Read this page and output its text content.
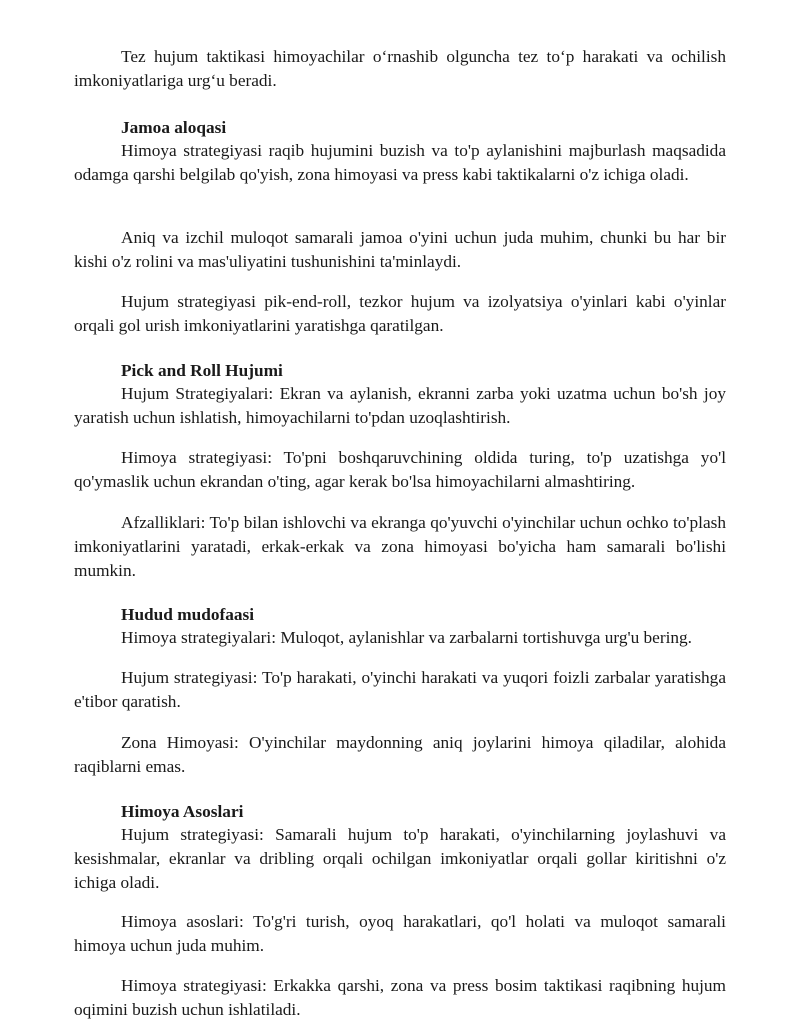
Tez hujum taktikasi himoyachilar o‘rnashib olguncha tez to‘p harakati va ochilish imkoniyatlariga urg‘u beradi.

Jamoa aloqasi

Himoya strategiyasi raqib hujumini buzish va to'p aylanishini majburlash maqsadida odamga qarshi belgilab qo'yish, zona himoyasi va press kabi taktikalarni o'z ichiga oladi.

Aniq va izchil muloqot samarali jamoa o'yini uchun juda muhim, chunki bu har bir kishi o'z rolini va mas'uliyatini tushunishini ta'minlaydi.

Hujum strategiyasi pik-end-roll, tezkor hujum va izolyatsiya o'yinlari kabi o'yinlar orqali gol urish imkoniyatlarini yaratishga qaratilgan.

Pick and Roll Hujumi

Hujum Strategiyalari: Ekran va aylanish, ekranni zarba yoki uzatma uchun bo'sh joy yaratish uchun ishlatish, himoyachilarni to'pdan uzoqlashtirish.

Himoya strategiyasi: To'pni boshqaruvchining oldida turing, to'p uzatishga yo'l qo'ymaslik uchun ekrandan o'ting, agar kerak bo'lsa himoyachilarni almashtiring.

Afzalliklari: To'p bilan ishlovchi va ekranga qo'yuvchi o'yinchilar uchun ochko to'plash imkoniyatlarini yaratadi, erkak-erkak va zona himoyasi bo'yicha ham samarali bo'lishi mumkin.

Hudud mudofaasi

Himoya strategiyalari: Muloqot, aylanishlar va zarbalarni tortishuvga urg'u bering.

Hujum strategiyasi: To'p harakati, o'yinchi harakati va yuqori foizli zarbalar yaratishga e'tibor qaratish.

Zona Himoyasi: O'yinchilar maydonning aniq joylarini himoya qiladilar, alohida raqiblarni emas.

Himoya Asoslari

Hujum strategiyasi: Samarali hujum to'p harakati, o'yinchilarning joylashuvi va kesishmalar, ekranlar va dribling orqali ochilgan imkoniyatlar orqali gollar kiritishni o'z ichiga oladi.

Himoya asoslari: To'g'ri turish, oyoq harakatlari, qo'l holati va muloqot samarali himoya uchun juda muhim.

Himoya strategiyasi: Erkakka qarshi, zona va press bosim taktikasi raqibning hujum oqimini buzish uchun ishlatiladi.
